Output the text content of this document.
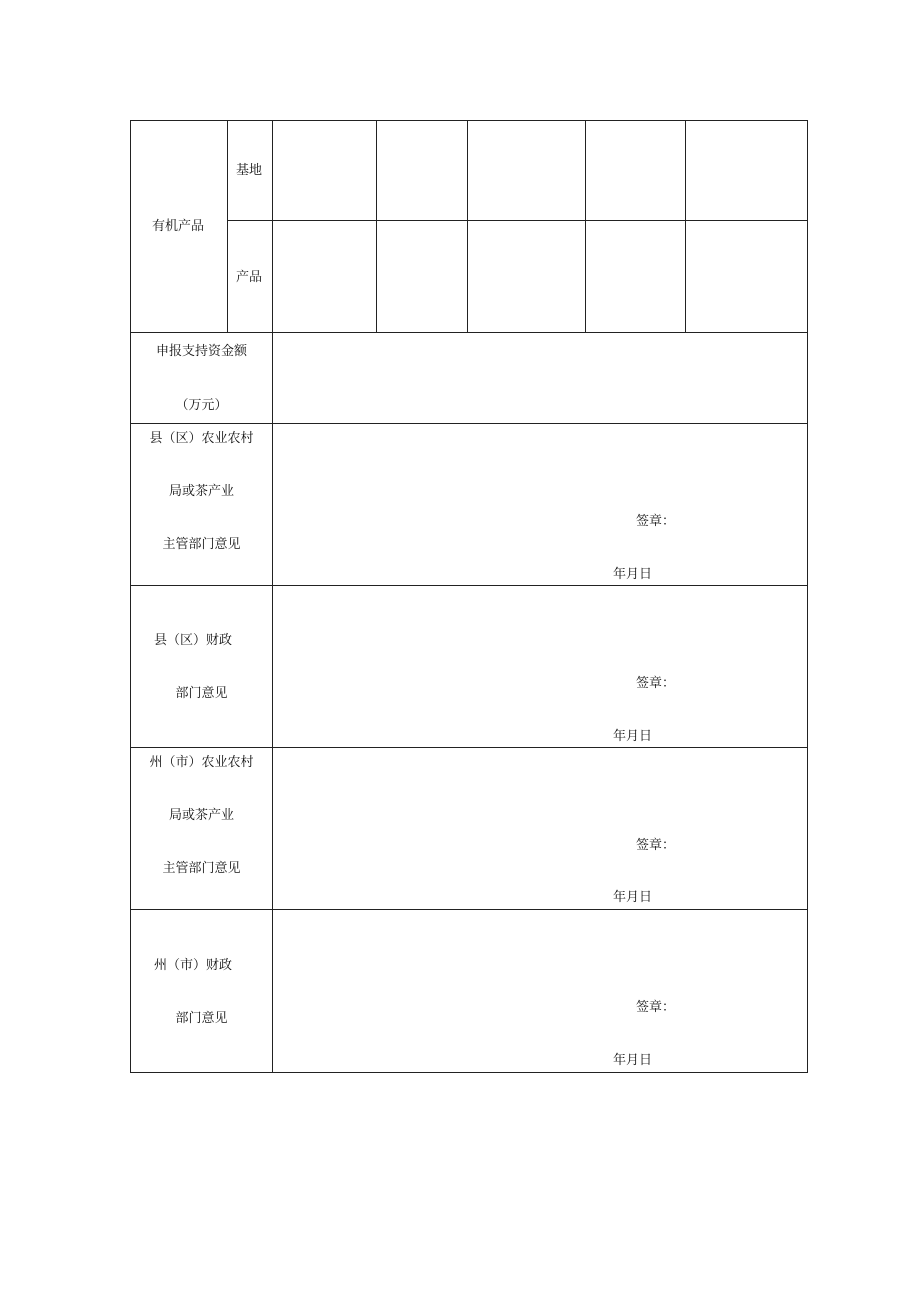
有机产品
基地
产品
申报支持资金额
（万元）
县（区）农业农村
局或茶产业
主管部门意见
签章：
年月日
县（区）财政
部门意见
签章：
年月日
州（市）农业农村
局或茶产业
主管部门意见
签章：
年月日
州（市）财政
部门意见
签章：
年月日
